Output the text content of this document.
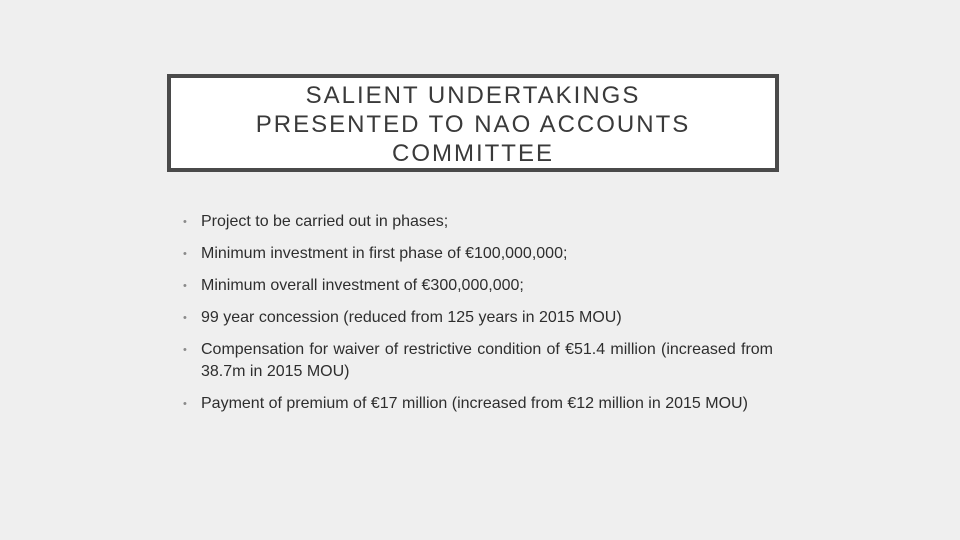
SALIENT UNDERTAKINGS
PRESENTED TO NAO ACCOUNTS
COMMITTEE
• Project to be carried out in phases;
• Minimum investment in first phase of €100,000,000;
• Minimum overall investment of €300,000,000;
• 99 year concession (reduced from 125 years in 2015 MOU)
• Compensation for waiver of restrictive condition of €51.4 million (increased from 38.7m in 2015 MOU)
• Payment of premium of €17 million (increased from €12 million in 2015 MOU)
